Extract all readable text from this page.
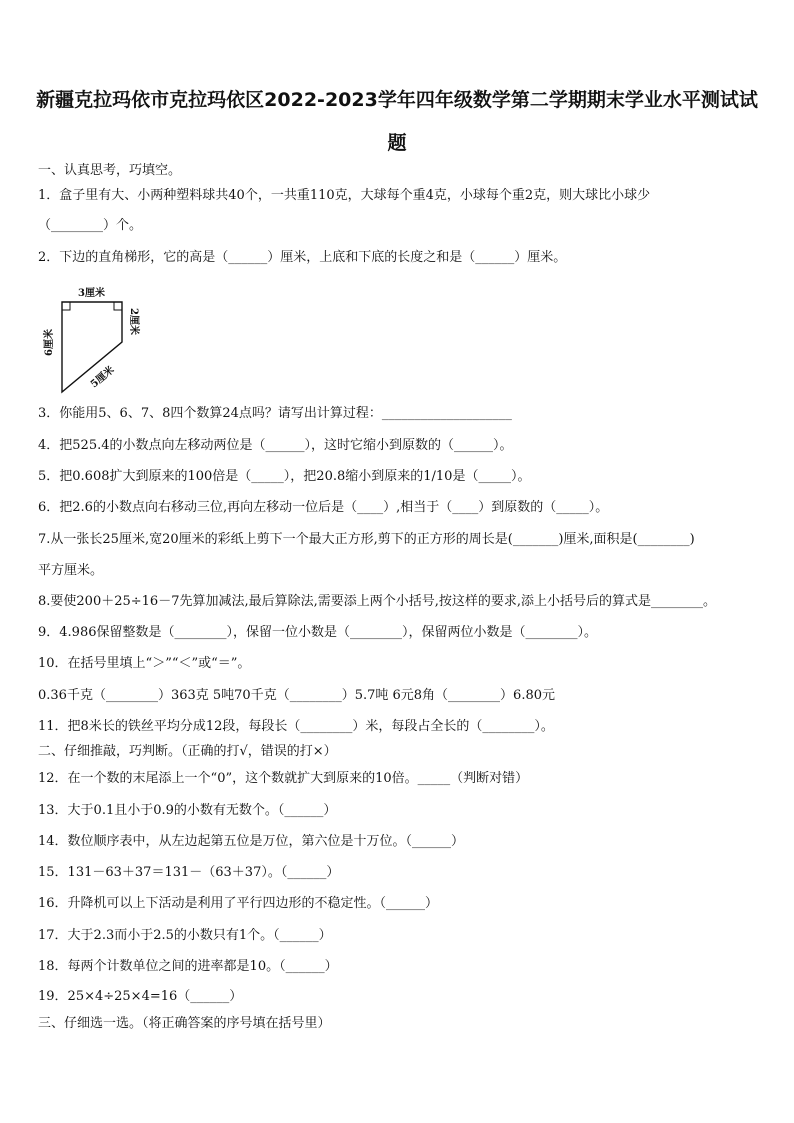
新疆克拉玛依市克拉玛依区2022-2023学年四年级数学第二学期期末学业水平测试试
题
一、认真思考，巧填空。
1．盒子里有大、小两种塑料球共40个，一共重110克，大球每个重4克，小球每个重2克，则大球比小球少
（________）个。
2．下边的直角梯形，它的高是（______）厘米，上底和下底的长度之和是（______）厘米。
3厘米
6厘米
2厘米
5厘米
3．你能用5、6、7、8四个数算24点吗？请写出计算过程：____________________
4．把525.4的小数点向左移动两位是（______），这时它缩小到原数的（______）。
5．把0.608扩大到原来的100倍是（_____），把20.8缩小到原来的1/10是（_____）。
6．把2.6的小数点向右移动三位,再向左移动一位后是（____）,相当于（____）到原数的（_____）。
7.从一张长25厘米,宽20厘米的彩纸上剪下一个最大正方形,剪下的正方形的周长是(_______)厘米,面积是(________)
平方厘米。
8.要使200＋25÷16－7先算加减法,最后算除法,需要添上两个小括号,按这样的要求,添上小括号后的算式是________。
9．4.986保留整数是（________），保留一位小数是（________），保留两位小数是（________）。
10．在括号里填上“＞”“＜”或“＝”。
0.36千克（________）363克 5吨70千克（________）5.7吨 6元8角（________）6.80元
11．把8米长的铁丝平均分成12段，每段长（________）米，每段占全长的（________）。
二、仔细推敲，巧判断。（正确的打√，错误的打×）
12．在一个数的末尾添上一个“0”，这个数就扩大到原来的10倍。_____（判断对错）
13．大于0.1且小于0.9的小数有无数个。（______）
14．数位顺序表中，从左边起第五位是万位，第六位是十万位。（______）
15．131－63＋37＝131－（63＋37）。（______）
16．升降机可以上下活动是利用了平行四边形的不稳定性。（______）
17．大于2.3而小于2.5的小数只有1个。（______）
18．每两个计数单位之间的进率都是10。（______）
19．25×4÷25×4=16（______）
三、仔细选一选。（将正确答案的序号填在括号里）
